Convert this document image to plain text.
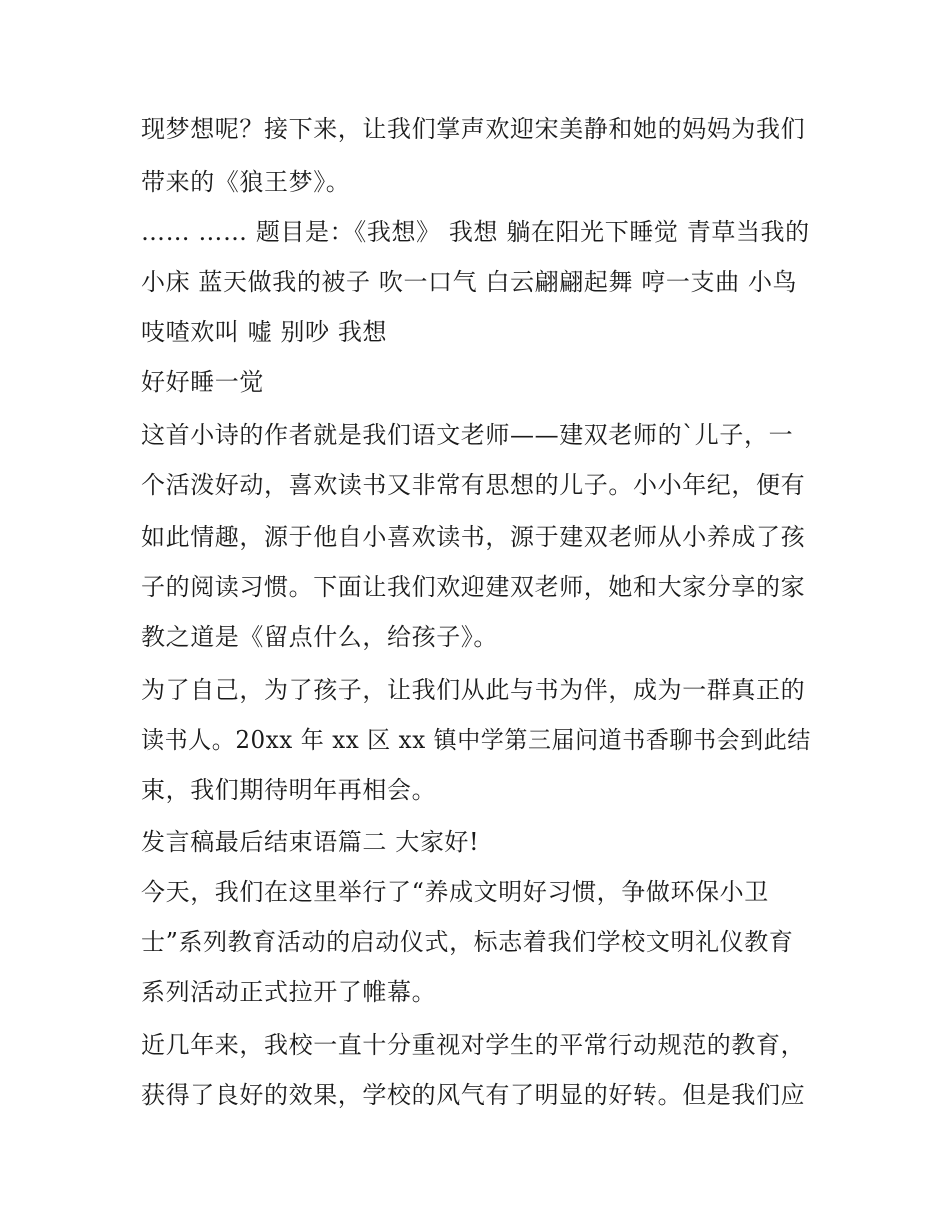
现梦想呢？接下来，让我们掌声欢迎宋美静和她的妈妈为我们
带来的《狼王梦》。
…… …… 题目是：《我想》 我想 躺在阳光下睡觉 青草当我的
小床 蓝天做我的被子 吹一口气 白云翩翩起舞 哼一支曲 小鸟
吱喳欢叫 嘘 别吵 我想
好好睡一觉
这首小诗的作者就是我们语文老师——建双老师的`儿子，一
个活泼好动，喜欢读书又非常有思想的儿子。小小年纪，便有
如此情趣，源于他自小喜欢读书，源于建双老师从小养成了孩
子的阅读习惯。下面让我们欢迎建双老师，她和大家分享的家
教之道是《留点什么，给孩子》。
为了自己，为了孩子，让我们从此与书为伴，成为一群真正的
读书人。20xx 年 xx 区 xx 镇中学第三届问道书香聊书会到此结
束，我们期待明年再相会。
发言稿最后结束语篇二 大家好!
今天，我们在这里举行了“养成文明好习惯，争做环保小卫
士”系列教育活动的启动仪式，标志着我们学校文明礼仪教育
系列活动正式拉开了帷幕。
近几年来，我校一直十分重视对学生的平常行动规范的教育，
获得了良好的效果，学校的风气有了明显的好转。但是我们应
